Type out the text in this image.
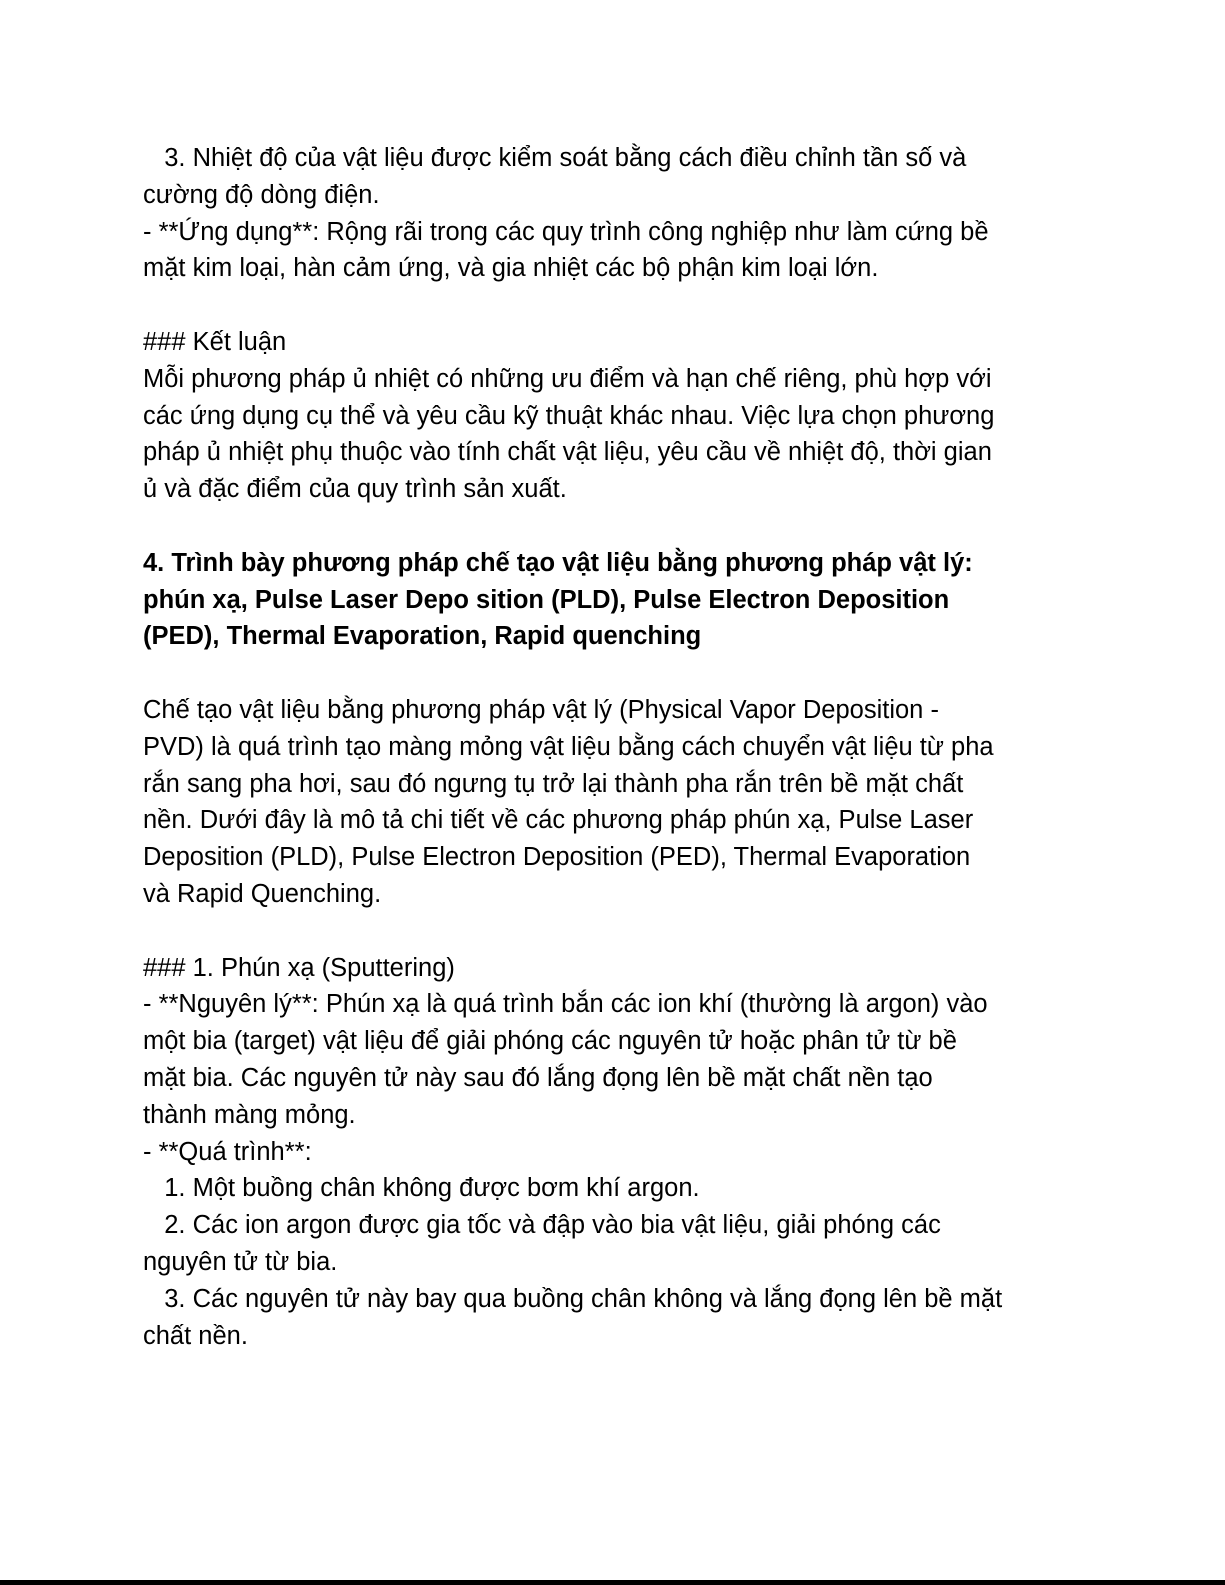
3. Nhiệt độ của vật liệu được kiểm soát bằng cách điều chỉnh tần số và
cường độ dòng điện.
- **Ứng dụng**: Rộng rãi trong các quy trình công nghiệp như làm cứng bề
mặt kim loại, hàn cảm ứng, và gia nhiệt các bộ phận kim loại lớn.
### Kết luận
Mỗi phương pháp ủ nhiệt có những ưu điểm và hạn chế riêng, phù hợp với
các ứng dụng cụ thể và yêu cầu kỹ thuật khác nhau. Việc lựa chọn phương
pháp ủ nhiệt phụ thuộc vào tính chất vật liệu, yêu cầu về nhiệt độ, thời gian
ủ và đặc điểm của quy trình sản xuất.
4. Trình bày phương pháp chế tạo vật liệu bằng phương pháp vật lý:
phún xạ, Pulse Laser Depo sition (PLD), Pulse Electron Deposition
(PED), Thermal Evaporation, Rapid quenching
Chế tạo vật liệu bằng phương pháp vật lý (Physical Vapor Deposition -
PVD) là quá trình tạo màng mỏng vật liệu bằng cách chuyển vật liệu từ pha
rắn sang pha hơi, sau đó ngưng tụ trở lại thành pha rắn trên bề mặt chất
nền. Dưới đây là mô tả chi tiết về các phương pháp phún xạ, Pulse Laser
Deposition (PLD), Pulse Electron Deposition (PED), Thermal Evaporation
và Rapid Quenching.
### 1. Phún xạ (Sputtering)
- **Nguyên lý**: Phún xạ là quá trình bắn các ion khí (thường là argon) vào
một bia (target) vật liệu để giải phóng các nguyên tử hoặc phân tử từ bề
mặt bia. Các nguyên tử này sau đó lắng đọng lên bề mặt chất nền tạo
thành màng mỏng.
- **Quá trình**:
1. Một buồng chân không được bơm khí argon.
2. Các ion argon được gia tốc và đập vào bia vật liệu, giải phóng các
nguyên tử từ bia.
3. Các nguyên tử này bay qua buồng chân không và lắng đọng lên bề mặt
chất nền.
